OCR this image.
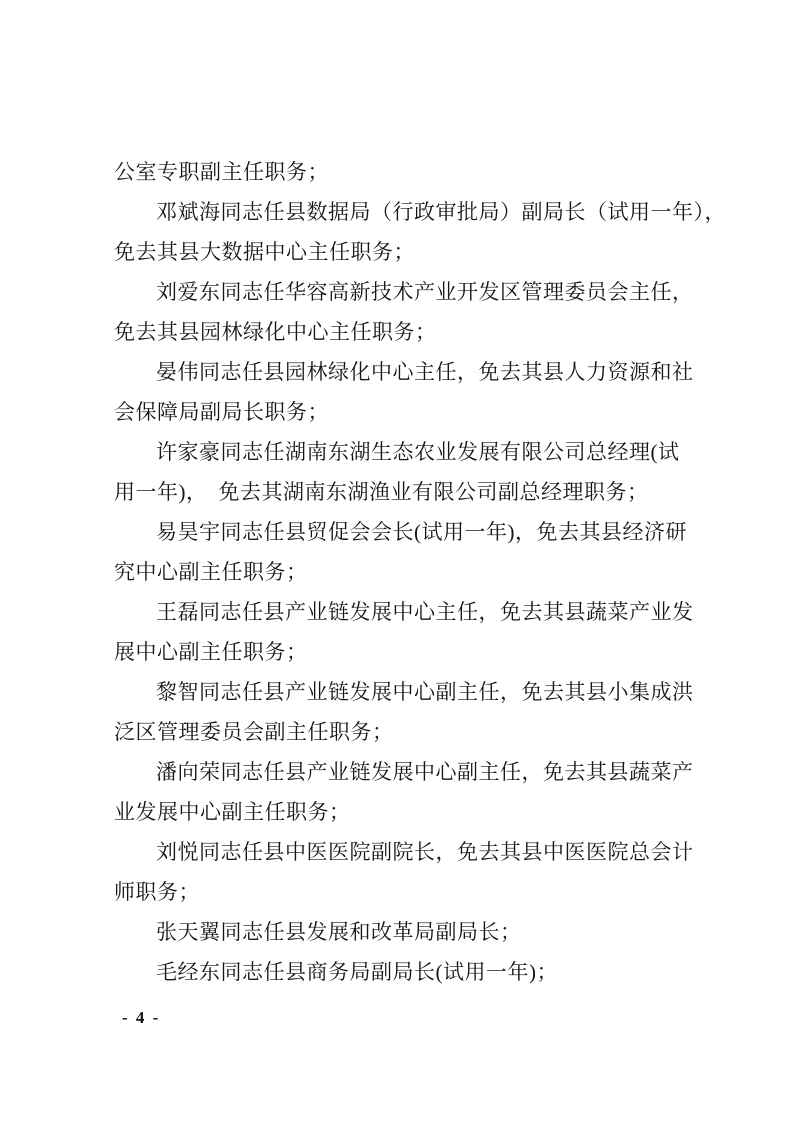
公室专职副主任职务；
邓斌海同志任县数据局（行政审批局）副局长（试用一年），
免去其县大数据中心主任职务；
刘爱东同志任华容高新技术产业开发区管理委员会主任，
免去其县园林绿化中心主任职务；
晏伟同志任县园林绿化中心主任，免去其县人力资源和社
会保障局副局长职务；
许家豪同志任湖南东湖生态农业发展有限公司总经理(试
用一年)，　免去其湖南东湖渔业有限公司副总经理职务；
易昊宇同志任县贸促会会长(试用一年)，免去其县经济研
究中心副主任职务；
王磊同志任县产业链发展中心主任，免去其县蔬菜产业发
展中心副主任职务；
黎智同志任县产业链发展中心副主任，免去其县小集成洪
泛区管理委员会副主任职务；
潘向荣同志任县产业链发展中心副主任，免去其县蔬菜产
业发展中心副主任职务；
刘悦同志任县中医医院副院长，免去其县中医医院总会计
师职务；
张天翼同志任县发展和改革局副局长；
毛经东同志任县商务局副局长(试用一年)；
- 4 -
